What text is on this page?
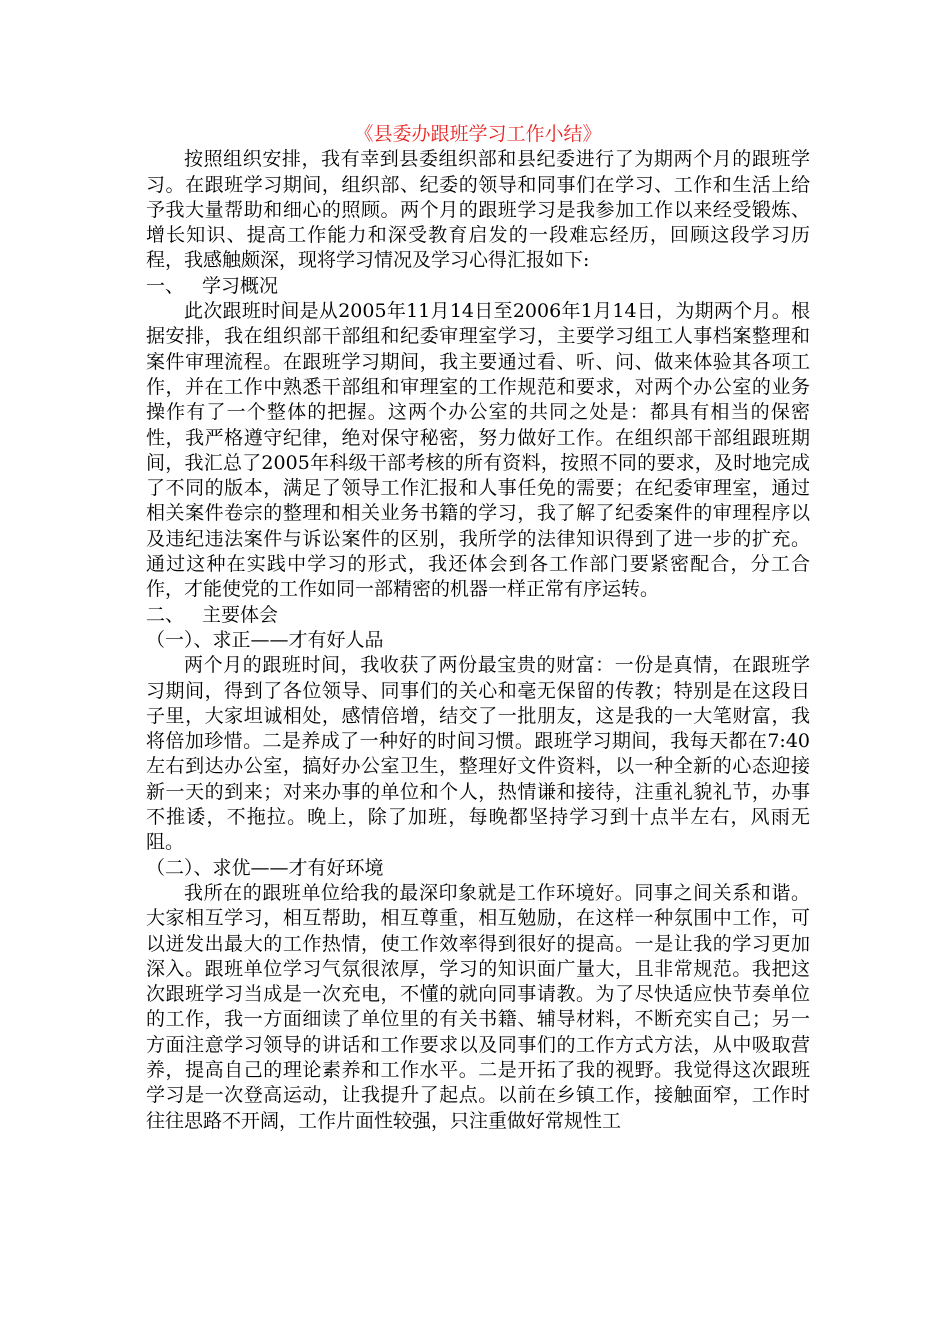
《县委办跟班学习工作小结》

按照组织安排，我有幸到县委组织部和县纪委进行了为期两个月的跟班学习。在跟班学习期间，组织部、纪委的领导和同事们在学习、工作和生活上给予我大量帮助和细心的照顾。两个月的跟班学习是我参加工作以来经受锻炼、增长知识、提高工作能力和深受教育启发的一段难忘经历，回顾这段学习历程，我感触颇深，现将学习情况及学习心得汇报如下:

一、 学习概况

此次跟班时间是从2005年11月14日至2006年1月14日，为期两个月。根据安排，我在组织部干部组和纪委审理室学习，主要学习组工人事档案整理和案件审理流程。在跟班学习期间，我主要通过看、听、问、做来体验其各项工作，并在工作中熟悉干部组和审理室的工作规范和要求，对两个办公室的业务操作有了一个整体的把握。这两个办公室的共同之处是：都具有相当的保密性，我严格遵守纪律，绝对保守秘密，努力做好工作。在组织部干部组跟班期间，我汇总了2005年科级干部考核的所有资料，按照不同的要求，及时地完成了不同的版本，满足了领导工作汇报和人事任免的需要；在纪委审理室，通过相关案件卷宗的整理和相关业务书籍的学习，我了解了纪委案件的审理程序以及违纪违法案件与诉讼案件的区别，我所学的法律知识得到了进一步的扩充。通过这种在实践中学习的形式，我还体会到各工作部门要紧密配合，分工合作，才能使党的工作如同一部精密的机器一样正常有序运转。

二、 主要体会
（一）、求正——才有好人品

两个月的跟班时间，我收获了两份最宝贵的财富：一份是真情，在跟班学习期间，得到了各位领导、同事们的关心和毫无保留的传教；特别是在这段日子里，大家坦诚相处，感情倍增，结交了一批朋友，这是我的一大笔财富，我将倍加珍惜。二是养成了一种好的时间习惯。跟班学习期间，我每天都在7:40左右到达办公室，搞好办公室卫生，整理好文件资料，以一种全新的心态迎接新一天的到来；对来办事的单位和个人，热情谦和接待，注重礼貌礼节，办事不推诿，不拖拉。晚上，除了加班，每晚都坚持学习到十点半左右，风雨无阻。

（二）、求优——才有好环境

我所在的跟班单位给我的最深印象就是工作环境好。同事之间关系和谐。大家相互学习，相互帮助，相互尊重，相互勉励，在这样一种氛围中工作，可以迸发出最大的工作热情，使工作效率得到很好的提高。一是让我的学习更加深入。跟班单位学习气氛很浓厚，学习的知识面广量大，且非常规范。我把这次跟班学习当成是一次充电，不懂的就向同事请教。为了尽快适应快节奏单位的工作，我一方面细读了单位里的有关书籍、辅导材料，不断充实自己；另一方面注意学习领导的讲话和工作要求以及同事们的工作方式方法，从中吸取营养，提高自己的理论素养和工作水平。二是开拓了我的视野。我觉得这次跟班学习是一次登高运动，让我提升了起点。以前在乡镇工作，接触面窄，工作时往往思路不开阔，工作片面性较强，只注重做好常规性工
